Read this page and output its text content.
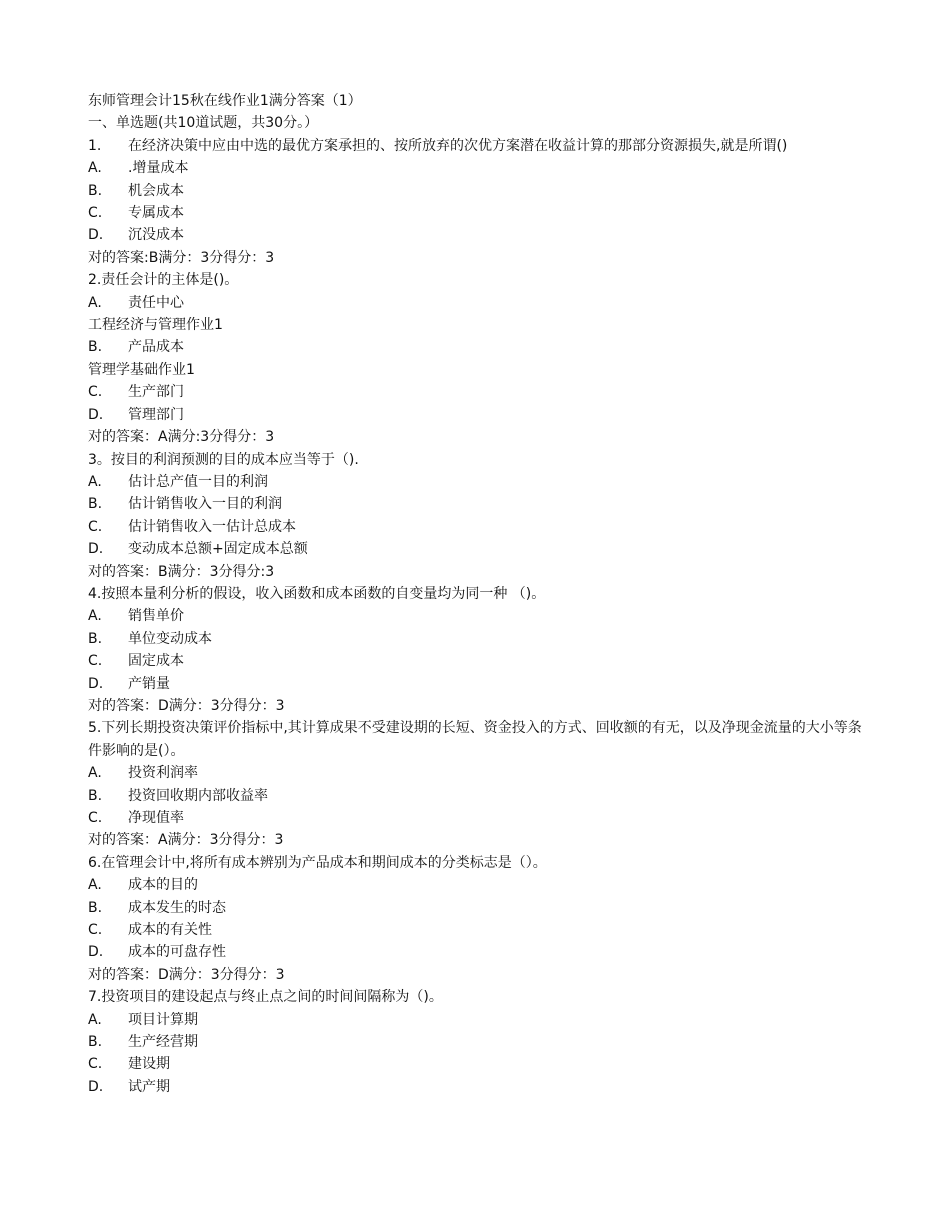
东师管理会计15秋在线作业1满分答案（1）
一、单选题(共10道试题，共30分。）
1.	在经济决策中应由中选的最优方案承担的、按所放弃的次优方案潜在收益计算的那部分资源损失,就是所谓()
A.	.增量成本
B.	机会成本
C.	专属成本
D.	沉没成本
对的答案:B满分：3分得分：3
2.责任会计的主体是()。
A.	责任中心
工程经济与管理作业1
B.	产品成本
管理学基础作业1
C.	生产部门
D.	管理部门
对的答案：A满分:3分得分：3
3。按目的利润预测的目的成本应当等于（).
A.	估计总产值一目的利润
B.	估计销售收入一目的利润
C.	估计销售收入一估计总成本
D.	变动成本总额+固定成本总额
对的答案：B满分：3分得分:3
4.按照本量利分析的假设，收入函数和成本函数的自变量均为同一种 （)。
A.	销售单价
B.	单位变动成本
C.	固定成本
D.	产销量
对的答案：D满分：3分得分：3
5.下列长期投资决策评价指标中,其计算成果不受建设期的长短、资金投入的方式、回收额的有无，以及净现金流量的大小等条件影响的是(）。
A.	投资利润率
B.	投资回收期内部收益率
C.	净现值率
对的答案：A满分：3分得分：3
6.在管理会计中,将所有成本辨别为产品成本和期间成本的分类标志是（）。
A.	成本的目的
B.	成本发生的时态
C.	成本的有关性
D.	成本的可盘存性
对的答案：D满分：3分得分：3
7.投资项目的建设起点与终止点之间的时间间隔称为（)。
A.	项目计算期
B.	生产经营期
C.	建设期
D.	试产期
